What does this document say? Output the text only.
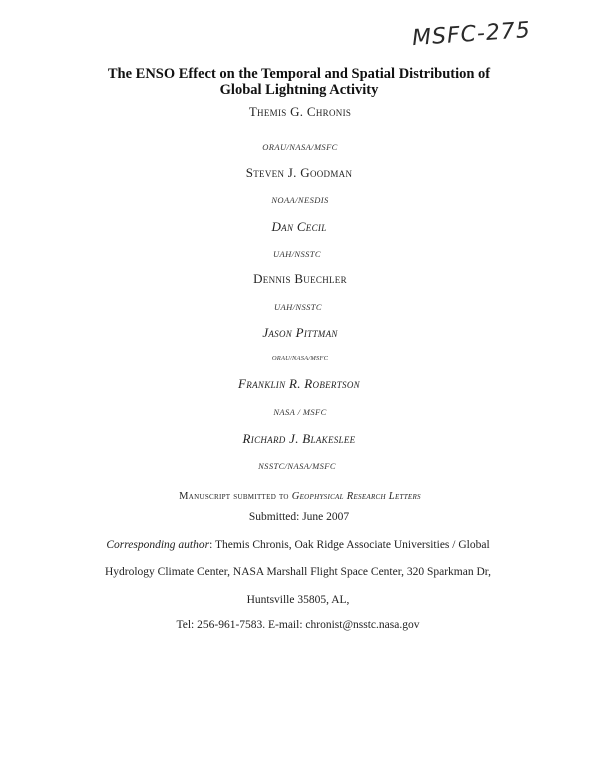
MSFC-275
The ENSO Effect on the Temporal and Spatial Distribution of
Global Lightning Activity
Themis G. Chronis
ORAU/NASA/MSFC
Steven J. Goodman
NOAA/NESDIS
Dan Cecil
UAH/NSSTC
Dennis Buechler
UAH/NSSTC
Jason Pittman
ORAU/NASA/MSFC
Franklin R. Robertson
NASA / MSFC
Richard J. Blakeslee
NSSTC/NASA/MSFC
Manuscript submitted to Geophysical Research Letters
Submitted: June 2007
Corresponding author: Themis Chronis, Oak Ridge Associate Universities / Global
Hydrology Climate Center, NASA Marshall Flight Space Center, 320 Sparkman Dr,
Huntsville 35805, AL,
Tel: 256-961-7583. E-mail: chronist@nsstc.nasa.gov
